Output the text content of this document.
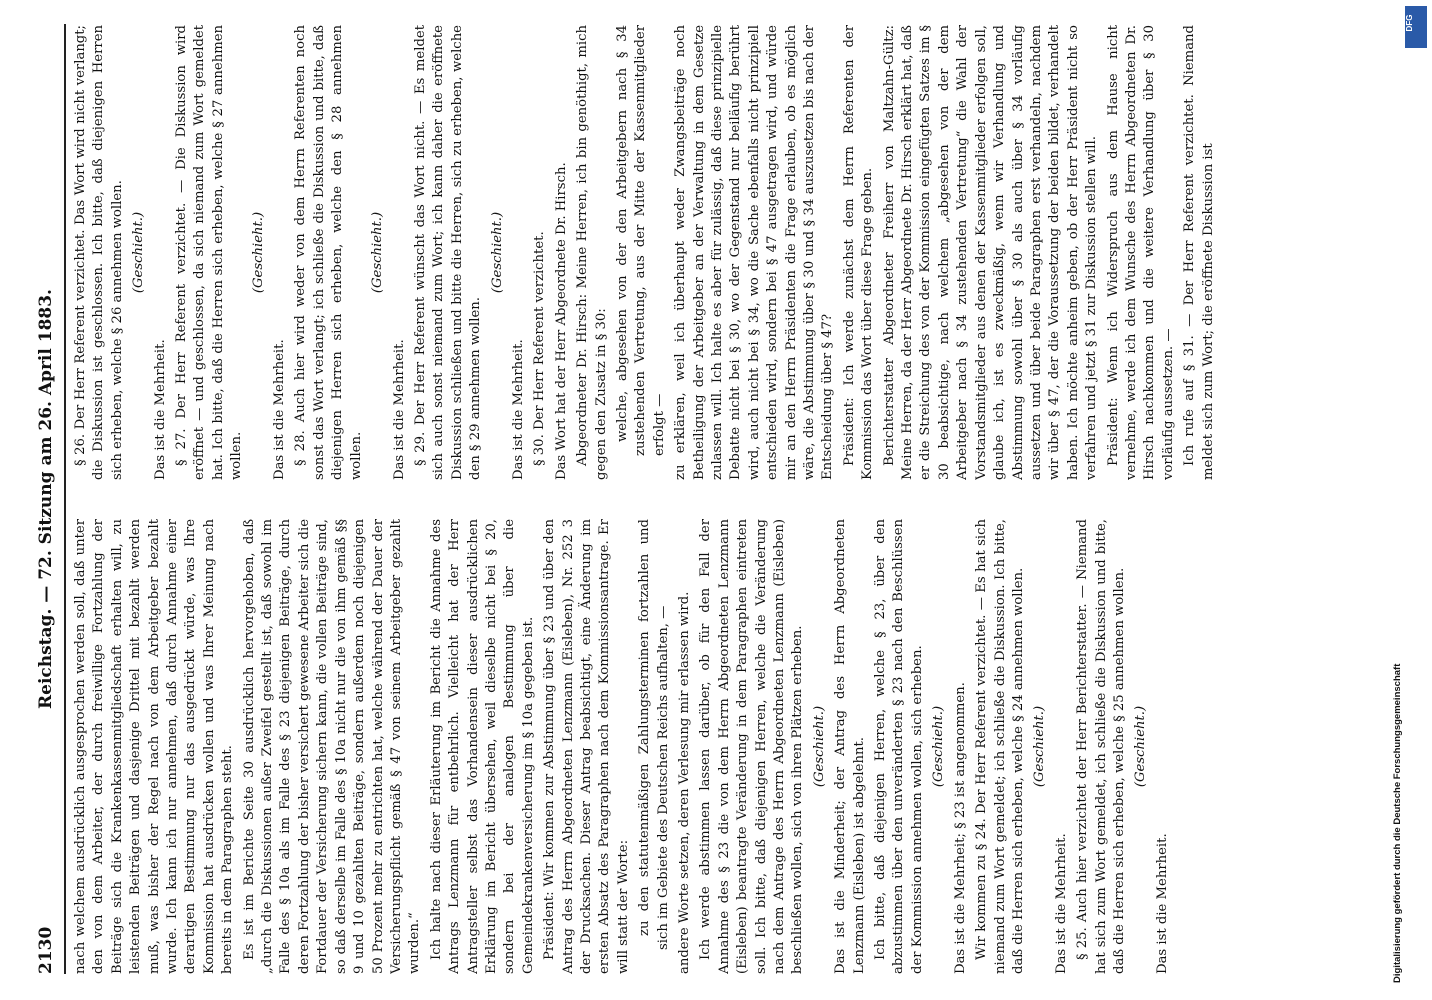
2130
Reichstag. — 72. Sitzung am 26. April 1883.

nach welchem ausdrücklich ausgesprochen werden soll, daß unter den von dem Arbeiter, der durch freiwillige Fortzahlung der Beiträge sich die Krankenkassenmitgliedschaft erhalten will, zu leistenden Beiträgen und dasjenige Drittel mit bezahlt werden muß, was bisher der Regel nach von dem Arbeitgeber bezahlt wurde. Ich kann ich nur annehmen, daß durch Annahme einer derartigen Bestimmung nur das ausgedrückt würde, was Ihre Kommission hat ausdrücken wollen und was Ihrer Meinung nach bereits in dem Paragraphen steht. Es ist im Berichte Seite 30 ausdrücklich hervorgehoben, daß „durch die Diskussionen außer Zweifel gestellt ist, daß sowohl im Falle des § 10a als im Falle des § 23 diejenigen Beiträge, durch deren Fortzahlung der bisher versichert gewesene Arbeiter sich die Fortdauer der Versicherung sichern kann, die vollen Beiträge sind, so daß derselbe im Falle des § 10a nicht nur die von ihm gemäß §§ 9 und 10 gezahlten Beiträge, sondern außerdem noch diejenigen 50 Prozent mehr zu entrichten hat, welche während der Dauer der Versicherungspflicht gemäß § 47 von seinem Arbeitgeber gezahlt wurden.“ Ich halte nach dieser Erläuterung im Bericht die Annahme des Antrags Lenzmann für entbehrlich. Vielleicht hat der Herr Antragsteller selbst das Vorhandensein dieser ausdrücklichen Erklärung im Bericht übersehen, weil dieselbe nicht bei § 20, sondern bei der analogen Bestimmung über die Gemeindekrankenversicherung im § 10a gegeben ist. Präsident: Wir kommen zur Abstimmung über § 23 und über den Antrag des Herrn Abgeordneten Lenzmann (Eisleben), Nr. 252 3 der Drucksachen. Dieser Antrag beabsichtigt, eine Änderung im ersten Absatz des Paragraphen nach dem Kommissionsantrage. Er will statt der Worte: zu den statutenmäßigen Zahlungsterminen fortzahlen und sich im Gebiete des Deutschen Reichs aufhalten, — andere Worte setzen, deren Verlesung mir erlassen wird. Ich werde abstimmen lassen darüber, ob für den Fall der Annahme des § 23 die von dem Herrn Abgeordneten Lenzmann (Eisleben) beantragte Veränderung in dem Paragraphen eintreten soll. Ich bitte, daß diejenigen Herren, welche die Veränderung nach dem Antrage des Herrn Abgeordneten Lenzmann (Eisleben) beschließen wollen, sich von ihren Plätzen erheben. (Geschieht.) Das ist die Minderheit; der Antrag des Herrn Abgeordneten Lenzmann (Eisleben) ist abgelehnt. Ich bitte, daß diejenigen Herren, welche § 23, über den abzustimmen über den unveränderten § 23 nach den Beschlüssen der Kommission annehmen wollen, sich erheben. (Geschieht.) Das ist die Mehrheit; § 23 ist angenommen. Wir kommen zu § 24. Der Herr Referent verzichtet. — Es hat sich niemand zum Wort gemeldet; ich schließe die Diskussion. Ich bitte, daß die Herren sich erheben, welche § 24 annehmen wollen. (Geschieht.)

Das ist die Mehrheit. § 25. Auch hier verzichtet der Herr Berichterstatter. — Niemand hat sich zum Wort gemeldet, ich schließe die Diskussion und bitte, daß die Herren sich erheben, welche § 25 annehmen wollen. (Geschieht.)

Das ist die Mehrheit.

§ 26. Der Herr Referent verzichtet. Das Wort wird nicht verlangt; die Diskussion ist geschlossen. Ich bitte, daß diejenigen Herren sich erheben, welche § 26 annehmen wollen. (Geschieht.)

Das ist die Mehrheit. § 27. Der Herr Referent verzichtet. — Die Diskussion wird eröffnet — und geschlossen, da sich niemand zum Wort gemeldet hat. Ich bitte, daß die Herren sich erheben, welche § 27 annehmen wollen.

(Geschieht.)

Das ist die Mehrheit. § 28. Auch hier wird weder von dem Herrn Referenten noch sonst das Wort verlangt; ich schließe die Diskussion und bitte, daß diejenigen Herren sich erheben, welche den § 28 annehmen wollen.

(Geschieht.)

Das ist die Mehrheit. § 29. Der Herr Referent wünscht das Wort nicht. — Es meldet sich auch sonst niemand zum Wort; ich kann daher die eröffnete Diskussion schließen und bitte die Herren, sich zu erheben, welche den § 29 annehmen wollen.

(Geschieht.)

Das ist die Mehrheit. § 30. Der Herr Referent verzichtet. Das Wort hat der Herr Abgeordnete Dr. Hirsch. Abgeordneter Dr. Hirsch: Meine Herren, ich bin genöthigt, mich gegen den Zusatz in § 30: welche, abgesehen von der den Arbeitgebern nach § 34 zustehenden Vertretung, aus der Mitte der Kassenmitglieder erfolgt — zu erklären, weil ich überhaupt weder Zwangsbeiträge noch Betheiligung der Arbeitgeber an der Verwaltung in dem Gesetze zulassen will. Ich halte es aber für zulässig, daß diese prinzipielle Debatte nicht bei § 30, wo der Gegenstand nur beiläufig berührt wird, auch nicht bei § 34, wo die Sache ebenfalls nicht prinzipiell entschieden wird, sondern bei § 47 ausgetragen wird, und würde mir an den Herrn Präsidenten die Frage erlauben, ob es möglich wäre, die Abstimmung über § 30 und § 34 auszusetzen bis nach der Entscheidung über § 47? Präsident: Ich werde zunächst dem Herrn Referenten der Kommission das Wort über diese Frage geben. Berichterstatter Abgeordneter Freiherr von Maltzahn-Gültz: Meine Herren, da der Herr Abgeordnete Dr. Hirsch erklärt hat, daß er die Streichung des von der Kommission eingefügten Satzes im § 30 beabsichtige, nach welchem „abgesehen von der dem Arbeitgeber nach § 34 zustehenden Vertretung“ die Wahl der Vorstandsmitglieder aus denen der Kassenmitglieder erfolgen soll, glaube ich, ist es zweckmäßig, wenn wir Verhandlung und Abstimmung sowohl über § 30 als auch über § 34 vorläufig aussetzen und über beide Paragraphen erst verhandeln, nachdem wir über § 47, der die Voraussetzung der beiden bildet, verhandelt haben. Ich möchte anheim geben, ob der Herr Präsident nicht so verfahren und jetzt § 31 zur Diskussion stellen will. Präsident: Wenn ich Widerspruch aus dem Hause nicht vernehme, werde ich dem Wunsche des Herrn Abgeordneten Dr. Hirsch nachkommen und die weitere Verhandlung über § 30 vorläufig aussetzen. — Ich rufe auf § 31. — Der Herr Referent verzichtet. Niemand meldet sich zum Wort; die eröffnete Diskussion ist

Digitalisierung gefördert durch die Deutsche Forschungsgemeinschaft
DFG
